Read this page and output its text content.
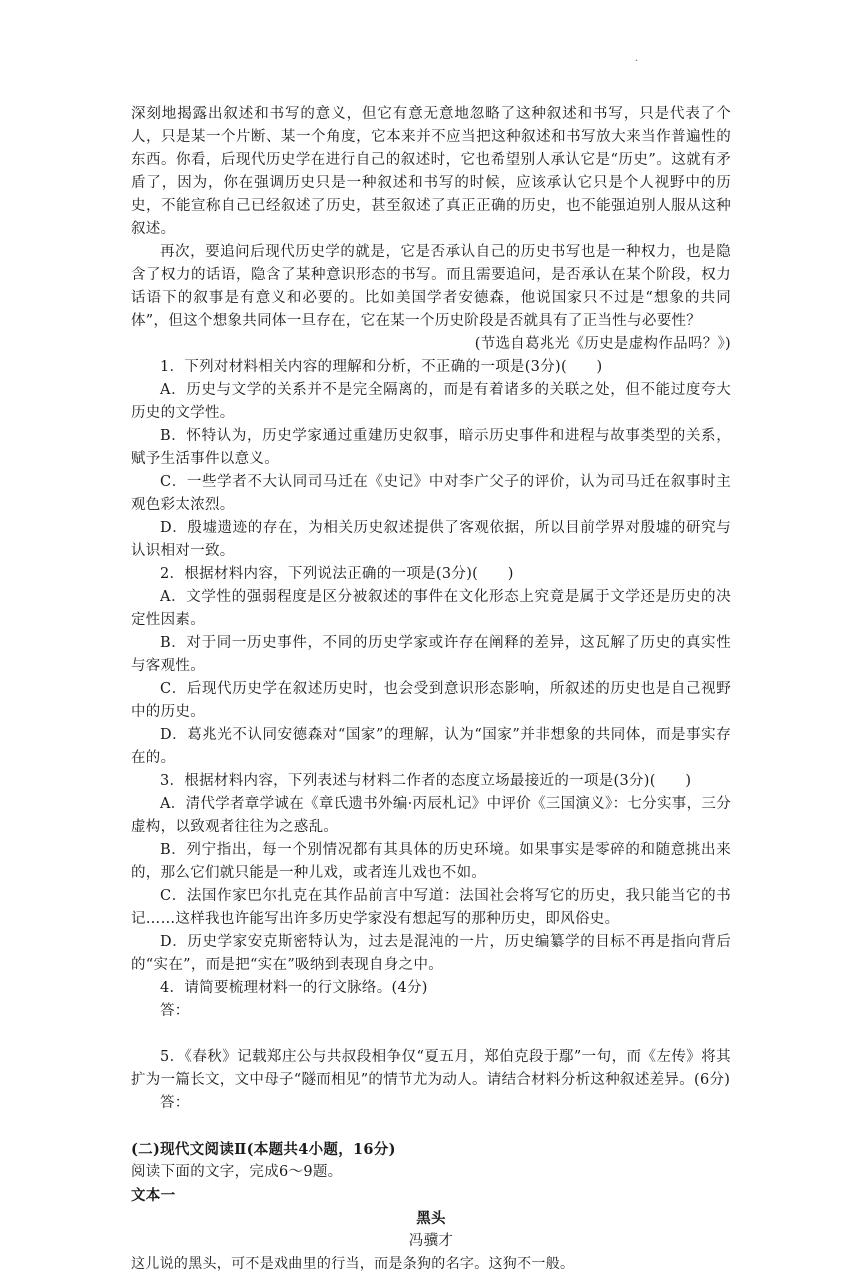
·

深刻地揭露出叙述和书写的意义，但它有意无意地忽略了这种叙述和书写，只是代表了个人，只是某一个片断、某一个角度，它本来并不应当把这种叙述和书写放大来当作普遍性的东西。你看，后现代历史学在进行自己的叙述时，它也希望别人承认它是“历史”。这就有矛盾了，因为，你在强调历史只是一种叙述和书写的时候，应该承认它只是个人视野中的历史，不能宣称自己已经叙述了历史，甚至叙述了真正正确的历史，也不能强迫别人服从这种叙述。

再次，要追问后现代历史学的就是，它是否承认自己的历史书写也是一种权力，也是隐含了权力的话语，隐含了某种意识形态的书写。而且需要追问，是否承认在某个阶段，权力话语下的叙事是有意义和必要的。比如美国学者安德森，他说国家只不过是“想象的共同体”，但这个想象共同体一旦存在，它在某一个历史阶段是否就具有了正当性与必要性？

(节选自葛兆光《历史是虚构作品吗？》)

1．下列对材料相关内容的理解和分析，不正确的一项是(3分)(　　)

A．历史与文学的关系并不是完全隔离的，而是有着诸多的关联之处，但不能过度夸大历史的文学性。

B．怀特认为，历史学家通过重建历史叙事，暗示历史事件和进程与故事类型的关系，赋予生活事件以意义。

C．一些学者不大认同司马迁在《史记》中对李广父子的评价，认为司马迁在叙事时主观色彩太浓烈。

D．殷墟遗迹的存在，为相关历史叙述提供了客观依据，所以目前学界对殷墟的研究与认识相对一致。

2．根据材料内容，下列说法正确的一项是(3分)(　　)

A．文学性的强弱程度是区分被叙述的事件在文化形态上究竟是属于文学还是历史的决定性因素。

B．对于同一历史事件，不同的历史学家或许存在阐释的差异，这瓦解了历史的真实性与客观性。

C．后现代历史学在叙述历史时，也会受到意识形态影响，所叙述的历史也是自己视野中的历史。

D．葛兆光不认同安德森对“国家”的理解，认为“国家”并非想象的共同体，而是事实存在的。

3．根据材料内容，下列表述与材料二作者的态度立场最接近的一项是(3分)(　　)

A．清代学者章学诚在《章氏遗书外编·丙辰札记》中评价《三国演义》：七分实事，三分虚构，以致观者往往为之惑乱。

B．列宁指出，每一个别情况都有其具体的历史环境。如果事实是零碎的和随意挑出来的，那么它们就只能是一种儿戏，或者连儿戏也不如。

C．法国作家巴尔扎克在其作品前言中写道：法国社会将写它的历史，我只能当它的书记……这样我也许能写出许多历史学家没有想起写的那种历史，即风俗史。

D．历史学家安克斯密特认为，过去是混沌的一片，历史编纂学的目标不再是指向背后的“实在”，而是把“实在”吸纳到表现自身之中。

4．请简要梳理材料一的行文脉络。(4分)

答：

5．《春秋》记载郑庄公与共叔段相争仅“夏五月，郑伯克段于鄢”一句，而《左传》将其扩为一篇长文，文中母子“隧而相见”的情节尤为动人。请结合材料分析这种叙述差异。(6分)

答：

(二)现代文阅读Ⅱ(本题共4小题，16分)

阅读下面的文字，完成6～9题。

文本一

黑头

冯骥才

这儿说的黑头，可不是戏曲里的行当，而是条狗的名字。这狗不一般。
